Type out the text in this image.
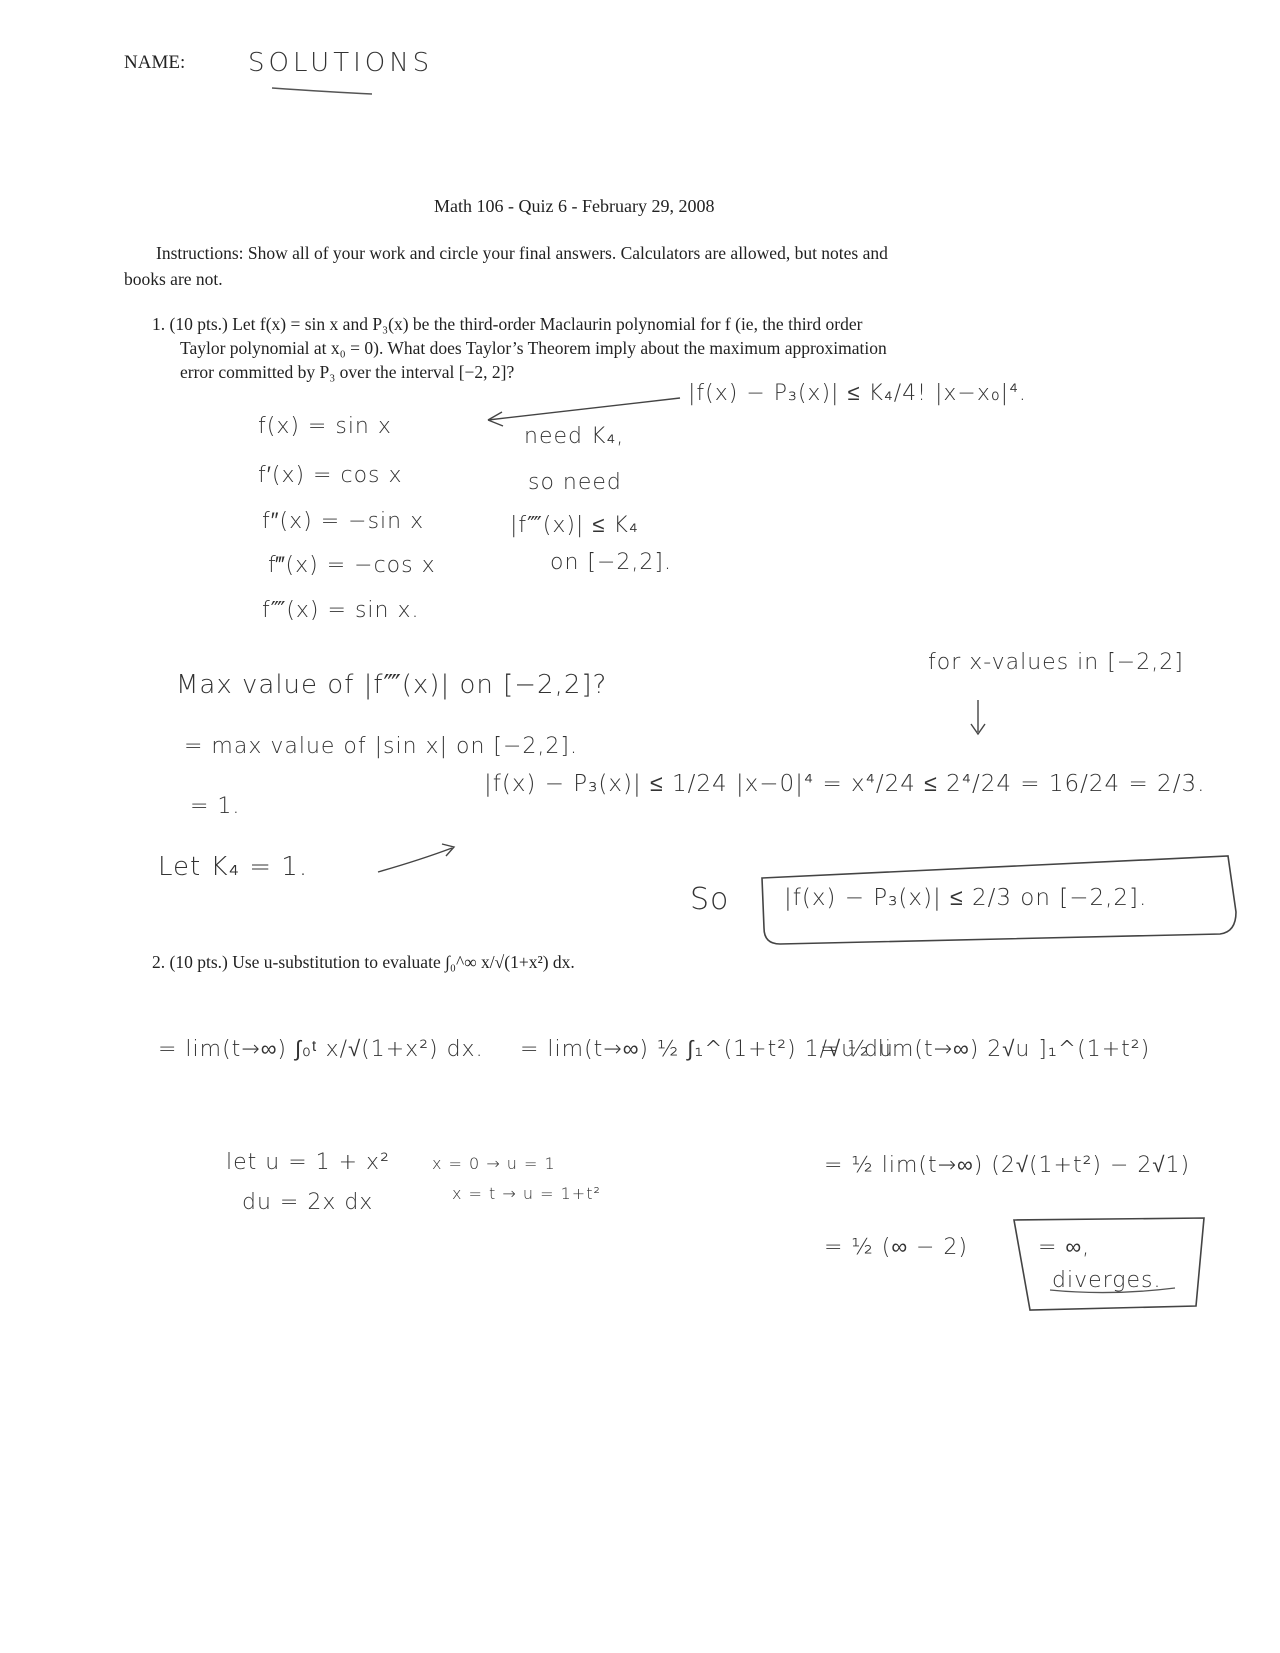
NAME: SOLUTIONS
Math 106 - Quiz 6 - February 29, 2008
Instructions: Show all of your work and circle your final answers. Calculators are allowed, but notes and
books are not.
1. (10 pts.) Let f(x) = sin x and P₃(x) be the third-order Maclaurin polynomial for f (ie, the third order
Taylor polynomial at x₀ = 0). What does Taylor’s Theorem imply about the maximum approximation
error committed by P₃ over the interval [−2, 2]?
|f(x) − P₃(x)| ≤ K₄/4! |x−x₀|⁴.
f(x) = sin x
f′(x) = cos x
f″(x) = −sin x
f‴(x) = −cos x
f⁗(x) = sin x.
need K₄,
so need
|f⁗(x)| ≤ K₄
on [−2,2].
Max value of |f⁗(x)| on [−2,2]?
= max value of |sin x| on [−2,2].
= 1.
Let K₄ = 1.
for x-values in [−2,2]
|f(x) − P₃(x)| ≤ 1/24 |x−0|⁴ = x⁴/24 ≤ 2⁴/24 = 16/24 = 2/3.
So |f(x) − P₃(x)| ≤ 2/3 on [−2,2].
2. (10 pts.) Use u-substitution to evaluate ∫₀^∞ x/√(1+x²) dx.
= lim(t→∞) ∫₀ᵗ x/√(1+x²) dx. = lim(t→∞) ½ ∫₁^(1+t²) 1/√u du
= ½ lim(t→∞) 2√u ]₁^(1+t²)
let u = 1 + x²
du = 2x dx
x = 0 → u = 1
x = t → u = 1+t²
= ½ lim(t→∞) (2√(1+t²) − 2√1)
= ½ (∞ − 2)	= ∞,
diverges.
